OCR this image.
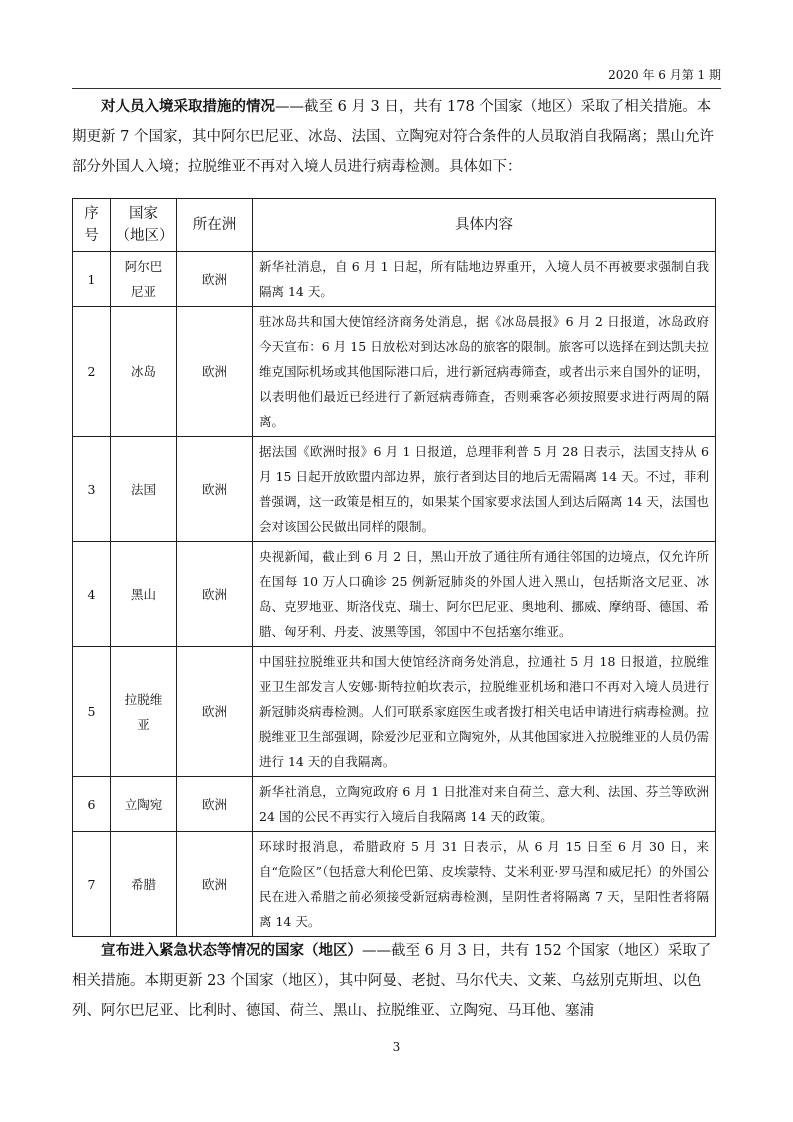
2020 年 6 月第 1 期
对人员入境采取措施的情况——截至 6 月 3 日，共有 178 个国家（地区）采取了相关措施。本期更新 7 个国家，其中阿尔巴尼亚、冰岛、法国、立陶宛对符合条件的人员取消自我隔离；黑山允许部分外国人入境；拉脱维亚不再对入境人员进行病毒检测。具体如下：
序号	国家（地区）	所在洲	具体内容
1	阿尔巴尼亚	欧洲	新华社消息，自 6 月 1 日起，所有陆地边界重开，入境人员不再被要求强制自我隔离 14 天。
2	冰岛	欧洲	驻冰岛共和国大使馆经济商务处消息，据《冰岛晨报》6 月 2 日报道，冰岛政府今天宣布：6 月 15 日放松对到达冰岛的旅客的限制。旅客可以选择在到达凯夫拉维克国际机场或其他国际港口后，进行新冠病毒筛查，或者出示来自国外的证明，以表明他们最近已经进行了新冠病毒筛查，否则乘客必须按照要求进行两周的隔离。
3	法国	欧洲	据法国《欧洲时报》6 月 1 日报道，总理菲利普 5 月 28 日表示，法国支持从 6 月 15 日起开放欧盟内部边界，旅行者到达目的地后无需隔离 14 天。不过，菲利普强调，这一政策是相互的，如果某个国家要求法国人到达后隔离 14 天，法国也会对该国公民做出同样的限制。
4	黑山	欧洲	央视新闻，截止到 6 月 2 日，黑山开放了通往所有通往邻国的边境点，仅允许所在国每 10 万人口确诊 25 例新冠肺炎的外国人进入黑山，包括斯洛文尼亚、冰岛、克罗地亚、斯洛伐克、瑞士、阿尔巴尼亚、奥地利、挪威、摩纳哥、德国、希腊、匈牙利、丹麦、波黑等国，邻国中不包括塞尔维亚。
5	拉脱维亚	欧洲	中国驻拉脱维亚共和国大使馆经济商务处消息，拉通社 5 月 18 日报道，拉脱维亚卫生部发言人安娜·斯特拉帕坎表示，拉脱维亚机场和港口不再对入境人员进行新冠肺炎病毒检测。人们可联系家庭医生或者拨打相关电话申请进行病毒检测。拉脱维亚卫生部强调，除爱沙尼亚和立陶宛外，从其他国家进入拉脱维亚的人员仍需进行 14 天的自我隔离。
6	立陶宛	欧洲	新华社消息，立陶宛政府 6 月 1 日批准对来自荷兰、意大利、法国、芬兰等欧洲 24 国的公民不再实行入境后自我隔离 14 天的政策。
7	希腊	欧洲	环球时报消息，希腊政府 5 月 31 日表示，从 6 月 15 日至 6 月 30 日，来自“危险区”（包括意大利伦巴第、皮埃蒙特、艾米利亚·罗马涅和威尼托）的外国公民在进入希腊之前必须接受新冠病毒检测，呈阴性者将隔离 7 天，呈阳性者将隔离 14 天。
宣布进入紧急状态等情况的国家（地区）——截至 6 月 3 日，共有 152 个国家（地区）采取了相关措施。本期更新 23 个国家（地区），其中阿曼、老挝、马尔代夫、文莱、乌兹别克斯坦、以色列、阿尔巴尼亚、比利时、德国、荷兰、黑山、拉脱维亚、立陶宛、马耳他、塞浦
3
